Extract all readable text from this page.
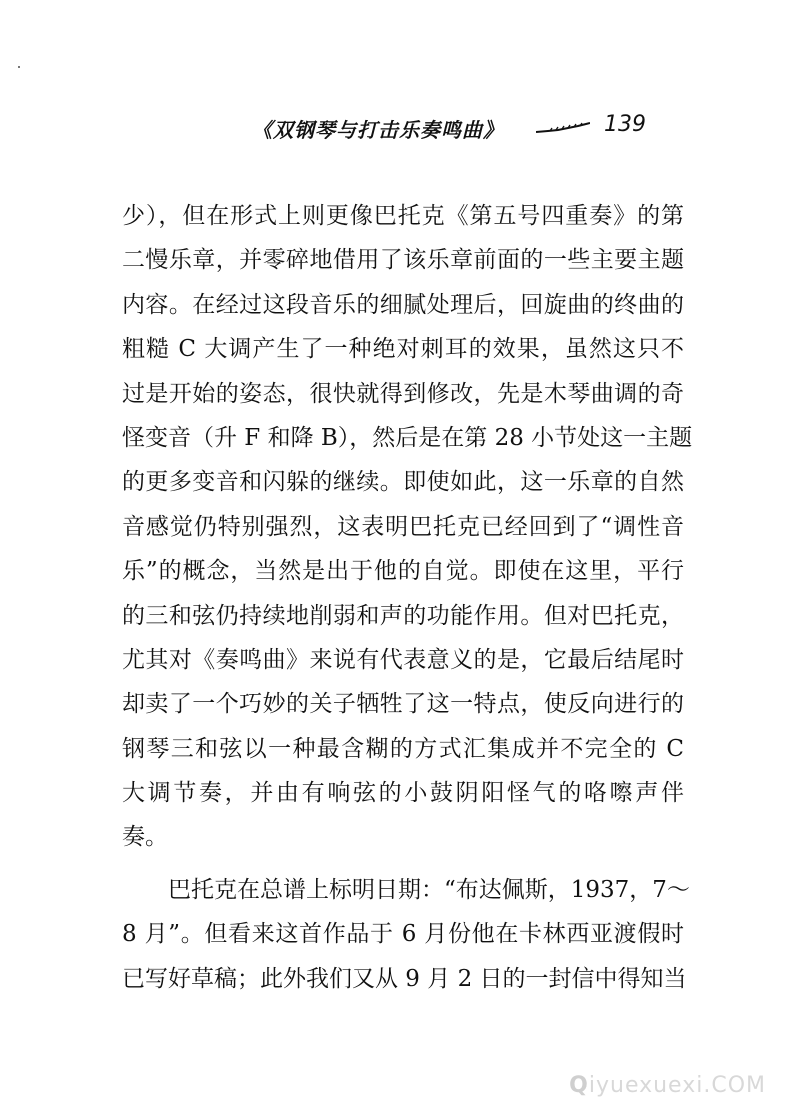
《双钢琴与打击乐奏鸣曲》	139
少），但在形式上则更像巴托克《第五号四重奏》的第
二慢乐章，并零碎地借用了该乐章前面的一些主要主题
内容。在经过这段音乐的细腻处理后，回旋曲的终曲的
粗糙 C 大调产生了一种绝对刺耳的效果，虽然这只不
过是开始的姿态，很快就得到修改，先是木琴曲调的奇
怪变音（升 F 和降 B），然后是在第 28 小节处这一主题
的更多变音和闪躲的继续。即使如此，这一乐章的自然
音感觉仍特别强烈，这表明巴托克已经回到了“调性音
乐”的概念，当然是出于他的自觉。即使在这里，平行
的三和弦仍持续地削弱和声的功能作用。但对巴托克，
尤其对《奏鸣曲》来说有代表意义的是，它最后结尾时
却卖了一个巧妙的关子牺牲了这一特点，使反向进行的
钢琴三和弦以一种最含糊的方式汇集成并不完全的 C
大调节奏，并由有响弦的小鼓阴阳怪气的咯嚓声伴
奏。
巴托克在总谱上标明日期：“布达佩斯，1937，7～
8 月”。但看来这首作品于 6 月份他在卡林西亚渡假时
已写好草稿；此外我们又从 9 月 2 日的一封信中得知当
Qiyuexuexi.COM
